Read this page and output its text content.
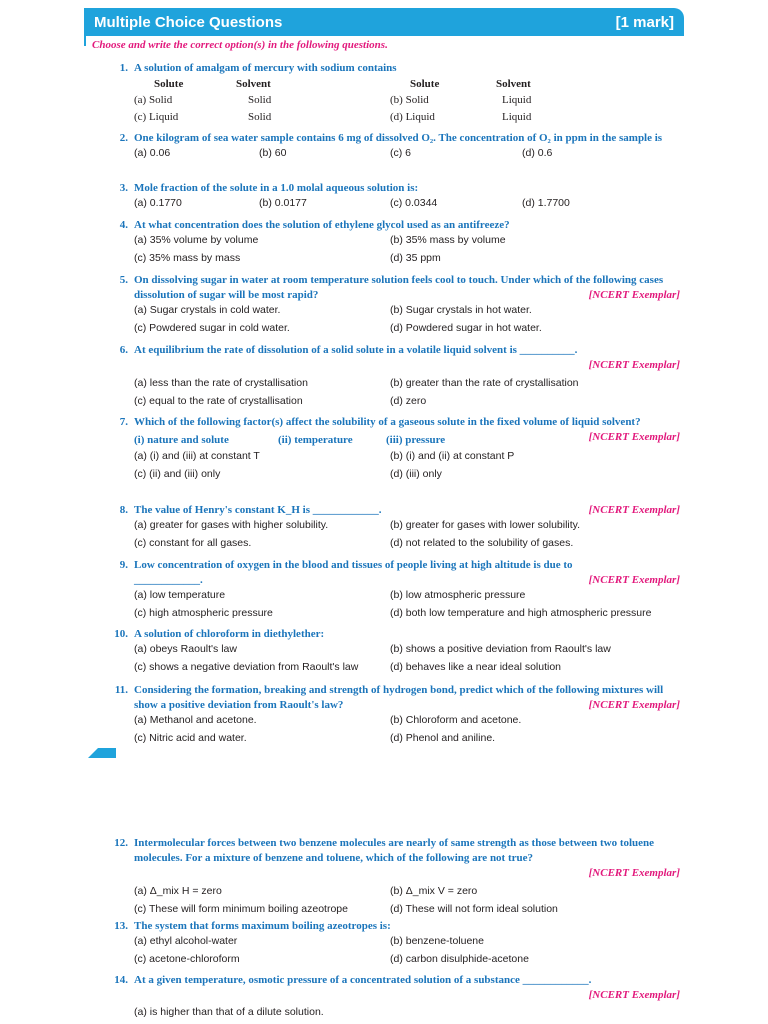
Multiple Choice Questions	[1 mark]
Choose and write the correct option(s) in the following questions.
1. A solution of amalgam of mercury with sodium contains
Solute	Solvent	Solute	Solvent
(a) Solid	Solid	(b) Solid	Liquid
(c) Liquid	Solid	(d) Liquid	Liquid
2. One kilogram of sea water sample contains 6 mg of dissolved O₂. The concentration of O₂ in ppm in the sample is
(a) 0.06	(b) 60	(c) 6	(d) 0.6
3. Mole fraction of the solute in a 1.0 molal aqueous solution is:
(a) 0.1770	(b) 0.0177	(c) 0.0344	(d) 1.7700
4. At what concentration does the solution of ethylene glycol used as an antifreeze?
(a) 35% volume by volume	(b) 35% mass by volume
(c) 35% mass by mass	(d) 35 ppm
5. On dissolving sugar in water at room temperature solution feels cool to touch. Under which of the following cases dissolution of sugar will be most rapid?	[NCERT Exemplar]
(a) Sugar crystals in cold water.	(b) Sugar crystals in hot water.
(c) Powdered sugar in cold water.	(d) Powdered sugar in hot water.
6. At equilibrium the rate of dissolution of a solid solute in a volatile liquid solvent is __________.
[NCERT Exemplar]
(a) less than the rate of crystallisation	(b) greater than the rate of crystallisation
(c) equal to the rate of crystallisation	(d) zero
7. Which of the following factor(s) affect the solubility of a gaseous solute in the fixed volume of liquid solvent?
[NCERT Exemplar]
(i) nature and solute	(ii) temperature	(iii) pressure
(a) (i) and (iii) at constant T	(b) (i) and (ii) at constant P
(c) (ii) and (iii) only	(d) (iii) only
8. The value of Henry's constant K_H is ____________.	[NCERT Exemplar]
(a) greater for gases with higher solubility.	(b) greater for gases with lower solubility.
(c) constant for all gases.	(d) not related to the solubility of gases.
9. Low concentration of oxygen in the blood and tissues of people living at high altitude is due to
____________.	[NCERT Exemplar]
(a) low temperature	(b) low atmospheric pressure
(c) high atmospheric pressure	(d) both low temperature and high atmospheric pressure
10. A solution of chloroform in diethylether:
(a) obeys Raoult's law	(b) shows a positive deviation from Raoult's law
(c) shows a negative deviation from Raoult's law	(d) behaves like a near ideal solution
11. Considering the formation, breaking and strength of hydrogen bond, predict which of the following mixtures will show a positive deviation from Raoult's law?	[NCERT Exemplar]
(a) Methanol and acetone.	(b) Chloroform and acetone.
(c) Nitric acid and water.	(d) Phenol and aniline.
12. Intermolecular forces between two benzene molecules are nearly of same strength as those between two toluene molecules. For a mixture of benzene and toluene, which of the following are not true?
[NCERT Exemplar]
(a) Δ_mix H = zero	(b) Δ_mix V = zero
(c) These will form minimum boiling azeotrope	(d) These will not form ideal solution
13. The system that forms maximum boiling azeotropes is:
(a) ethyl alcohol-water	(b) benzene-toluene
(c) acetone-chloroform	(d) carbon disulphide-acetone
14. At a given temperature, osmotic pressure of a concentrated solution of a substance ____________.
[NCERT Exemplar]
(a) is higher than that of a dilute solution.
